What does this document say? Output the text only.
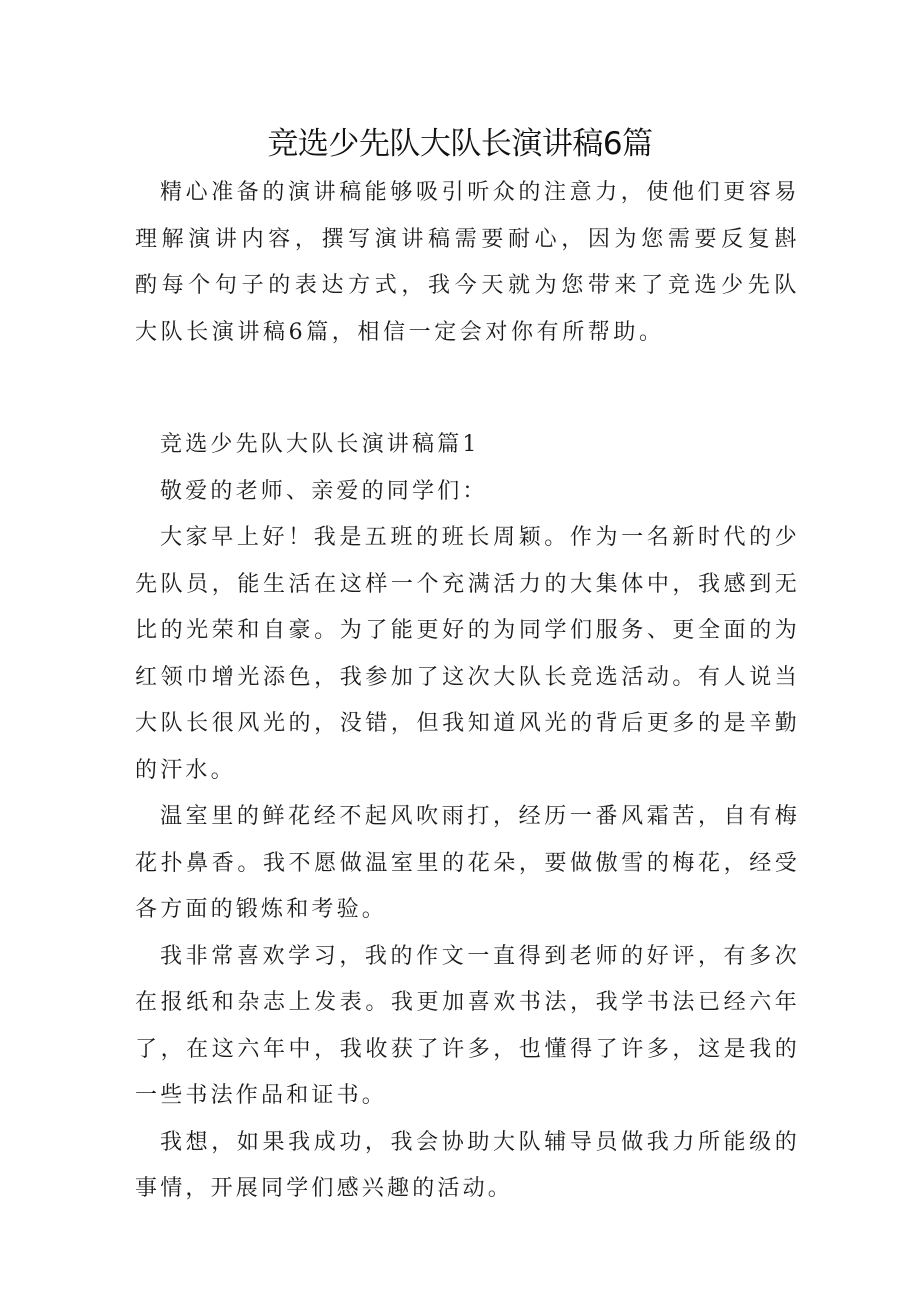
竞选少先队大队长演讲稿6篇

精心准备的演讲稿能够吸引听众的注意力，使他们更容易理解演讲内容，撰写演讲稿需要耐心，因为您需要反复斟酌每个句子的表达方式，我今天就为您带来了竞选少先队大队长演讲稿6篇，相信一定会对你有所帮助。

竞选少先队大队长演讲稿篇1

敬爱的老师、亲爱的同学们：

大家早上好！我是五班的班长周颖。作为一名新时代的少先队员，能生活在这样一个充满活力的大集体中，我感到无比的光荣和自豪。为了能更好的为同学们服务、更全面的为红领巾增光添色，我参加了这次大队长竞选活动。有人说当大队长很风光的，没错，但我知道风光的背后更多的是辛勤的汗水。

温室里的鲜花经不起风吹雨打，经历一番风霜苦，自有梅花扑鼻香。我不愿做温室里的花朵，要做傲雪的梅花，经受各方面的锻炼和考验。

我非常喜欢学习，我的作文一直得到老师的好评，有多次在报纸和杂志上发表。我更加喜欢书法，我学书法已经六年了，在这六年中，我收获了许多，也懂得了许多，这是我的一些书法作品和证书。

我想，如果我成功，我会协助大队辅导员做我力所能级的事情，开展同学们感兴趣的活动。
